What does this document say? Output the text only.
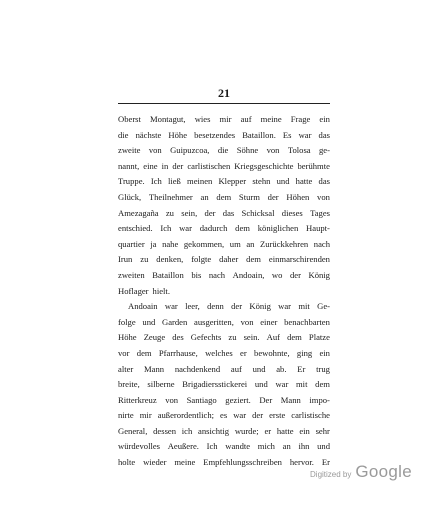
21
Oberst Montagut, wies mir auf meine Frage ein
die nächste Höhe besetzendes Bataillon. Es war das
zweite von Guipuzcoa, die Söhne von Tolosa ge-
nannt, eine in der carlistischen Kriegsgeschichte berühmte
Truppe. Ich ließ meinen Klepper stehn und hatte das
Glück, Theilnehmer an dem Sturm der Höhen von
Amezagaña zu sein, der das Schicksal dieses Tages
entschied. Ich war dadurch dem königlichen Haupt-
quartier ja nahe gekommen, um an Zurückkehren nach
Irun zu denken, folgte daher dem einmarschirenden
zweiten Bataillon bis nach Andoain, wo der König
Hoflager hielt.
Andoain war leer, denn der König war mit Ge-
folge und Garden ausgeritten, von einer benachbarten
Höhe Zeuge des Gefechts zu sein. Auf dem Platze
vor dem Pfarrhause, welches er bewohnte, ging ein
alter Mann nachdenkend auf und ab. Er trug
breite, silberne Brigadiersstickerei und war mit dem
Ritterkreuz von Santiago geziert. Der Mann impo-
nirte mir außerordentlich; es war der erste carlistische
General, dessen ich ansichtig wurde; er hatte ein sehr
würdevolles Aeußere. Ich wandte mich an ihn und
holte wieder meine Empfehlungsschreiben hervor. Er
Digitized by Google
